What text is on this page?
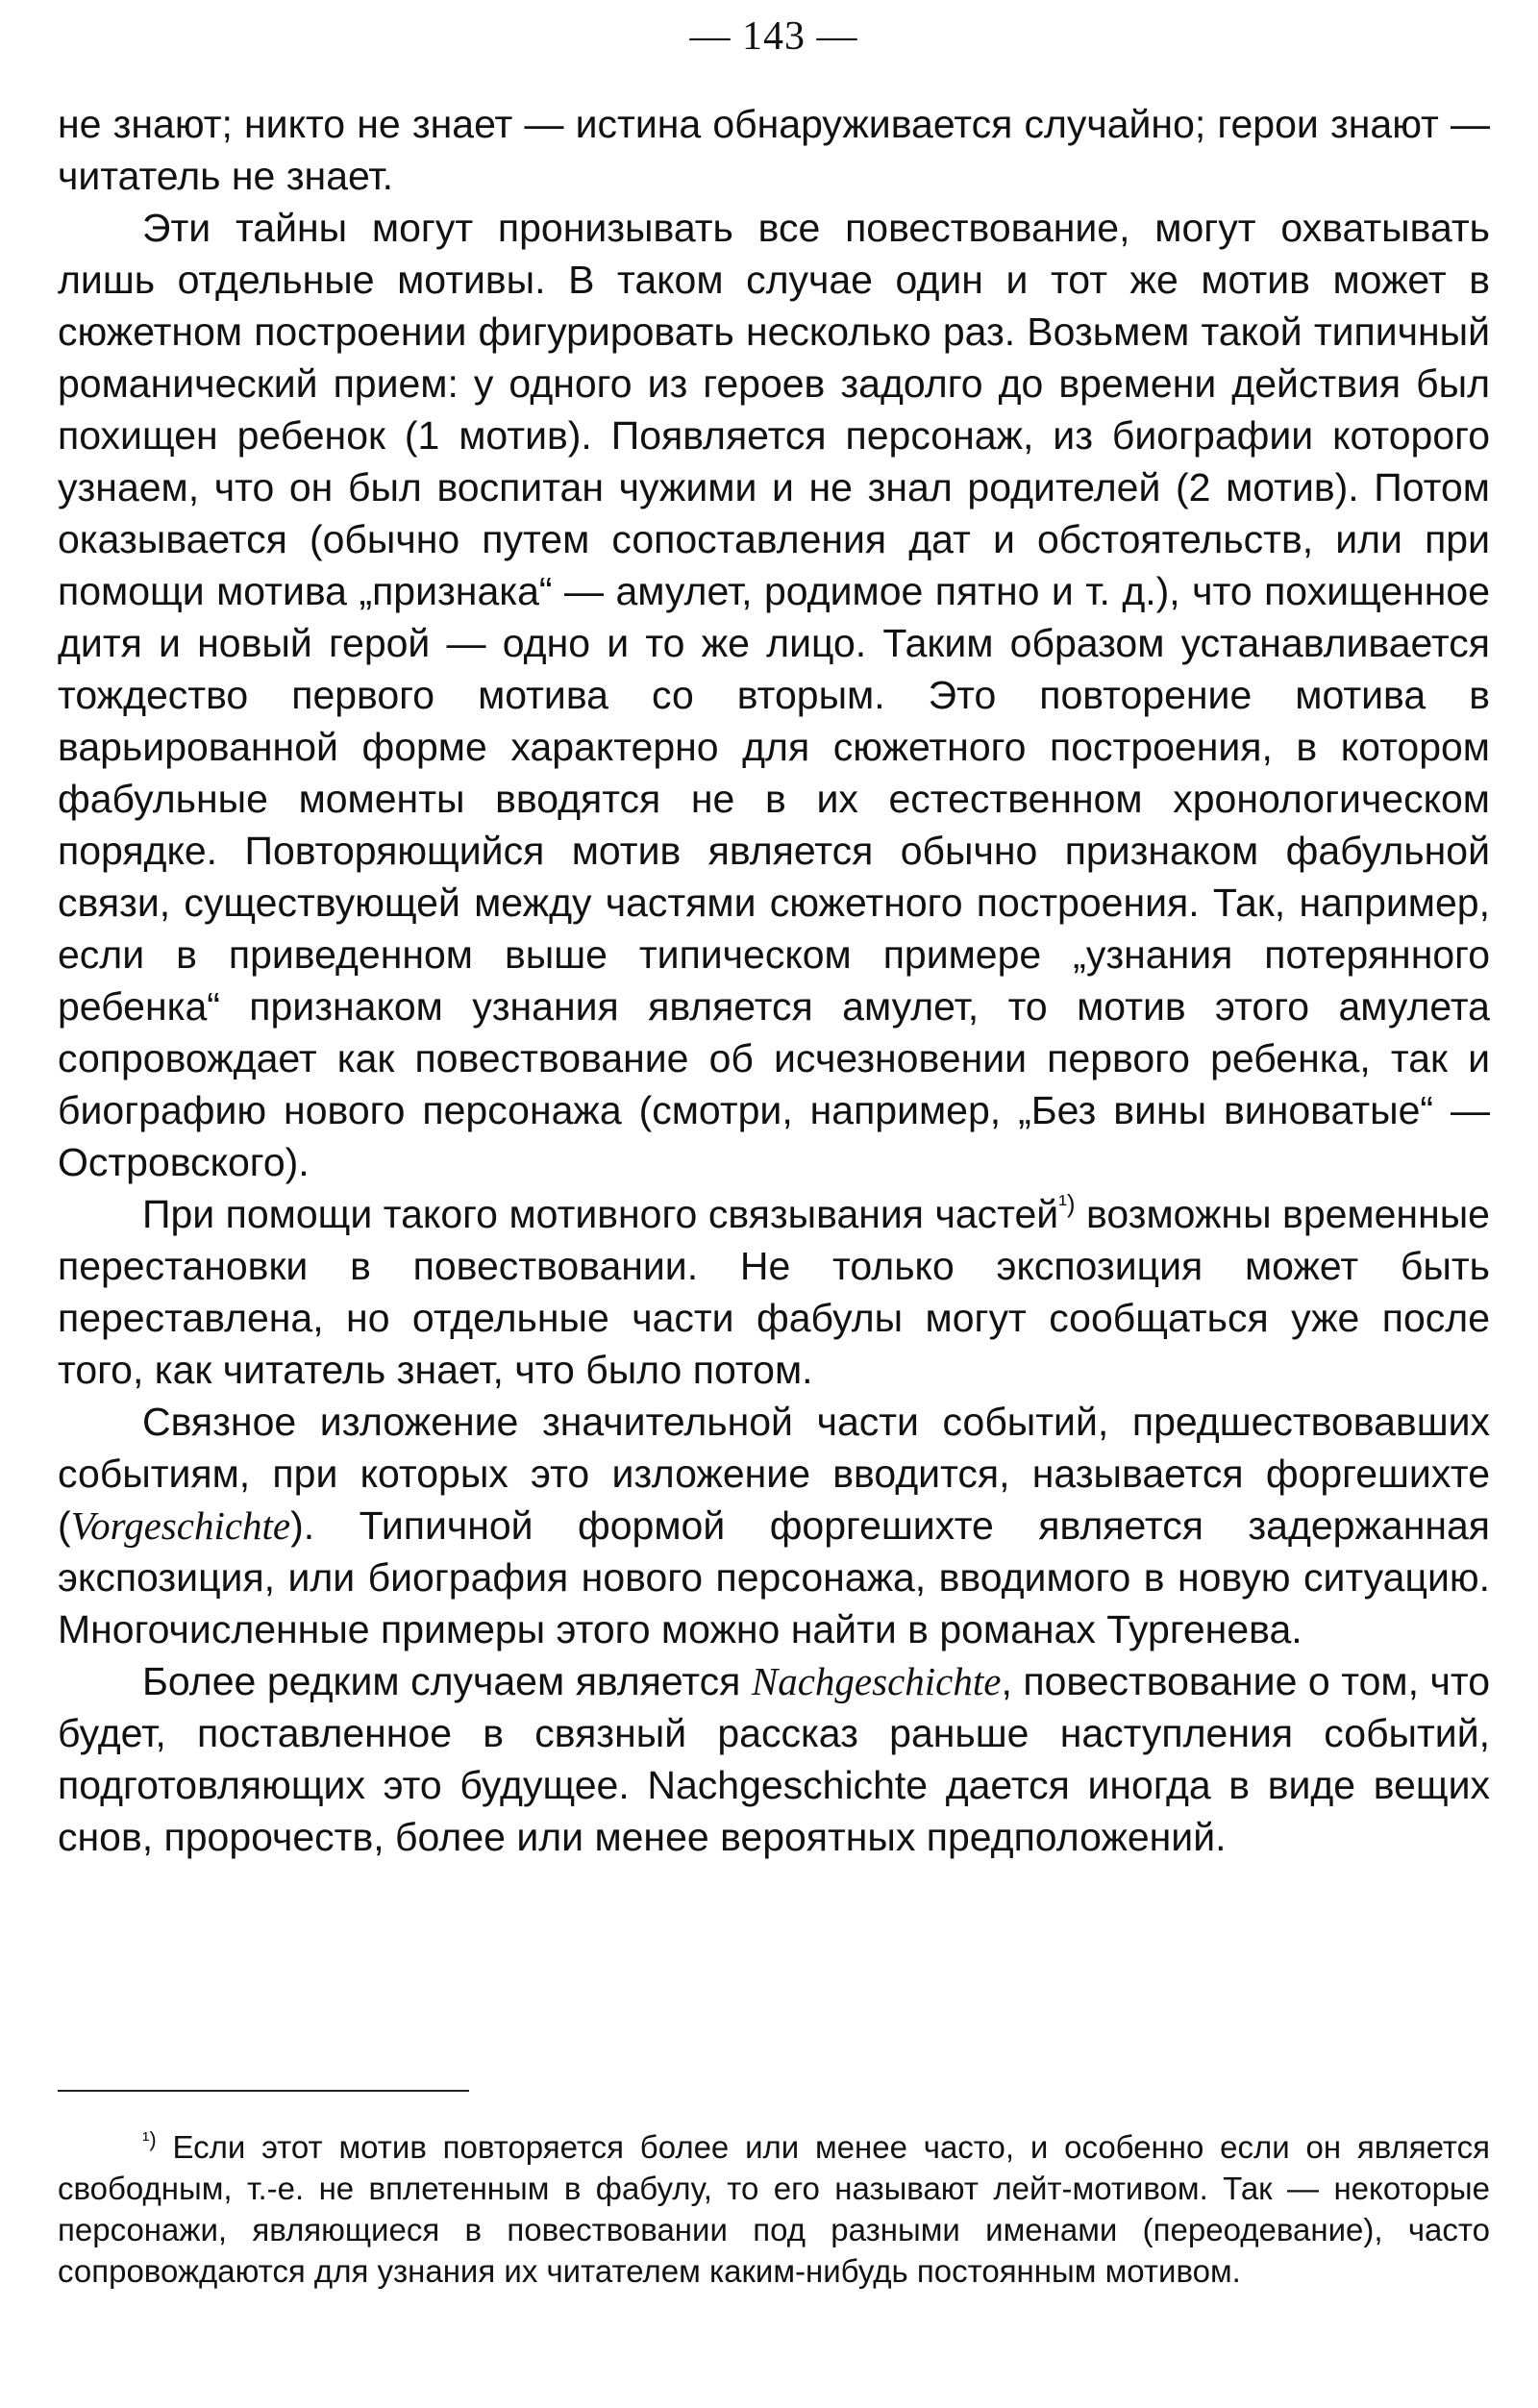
— 143 —

не знают; никто не знает — истина обнаруживается случайно; герои знают — читатель не знает.

Эти тайны могут пронизывать все повествование, могут охватывать лишь отдельные мотивы. В таком случае один и тот же мотив может в сюжетном построении фигурировать несколько раз. Возьмем такой типичный романический прием: у одного из героев задолго до времени действия был похищен ребенок (1 мотив). Появляется персонаж, из биографии которого узнаем, что он был воспитан чужими и не знал родителей (2 мотив). Потом оказывается (обычно путем сопоставления дат и обстоятельств, или при помощи мотива „признака“ — амулет, родимое пятно и т. д.), что похищенное дитя и новый герой — одно и то же лицо. Таким образом устанавливается тождество первого мотива со вторым. Это повторение мотива в варьированной форме характерно для сюжетного построения, в котором фабульные моменты вводятся не в их естественном хронологическом порядке. Повторяющийся мотив является обычно признаком фабульной связи, существующей между частями сюжетного построения. Так, например, если в приведенном выше типическом примере „узнания потерянного ребенка“ признаком узнания является амулет, то мотив этого амулета сопровождает как повествование об исчезновении первого ребенка, так и биографию нового персонажа (смотри, например, „Без вины виноватые“ — Островского).

При помощи такого мотивного связывания частей$^{^1)}$ возможны временные перестановки в повествовании. Не только экспозиция может быть переставлена, но отдельные части фабулы могут сообщаться уже после того, как читатель знает, что было потом.

Связное изложение значительной части событий, предшествовавших событиям, при которых это изложение вводится, называется форгешихте (Vorgeschichte). Типичной формой форгешихте является задержанная экспозиция, или биография нового персонажа, вводимого в новую ситуацию. Многочисленные примеры этого можно найти в романах Тургенева.

Более редким случаем является Nachgeschichte, повествование о том, что будет, поставленное в связный рассказ раньше наступления событий, подготовляющих это будущее. Nachgeschichte дается иногда в виде вещих снов, пророчеств, более или менее вероятных предположений.

$^{^1)}$ Если этот мотив повторяется более или менее часто, и особенно если он является свободным, т.-е. не вплетенным в фабулу, то его называют лейт-мотивом. Так — некоторые персонажи, являющиеся в повествовании под разными именами (переодевание), часто сопровождаются для узнания их читателем каким-нибудь постоянным мотивом.
